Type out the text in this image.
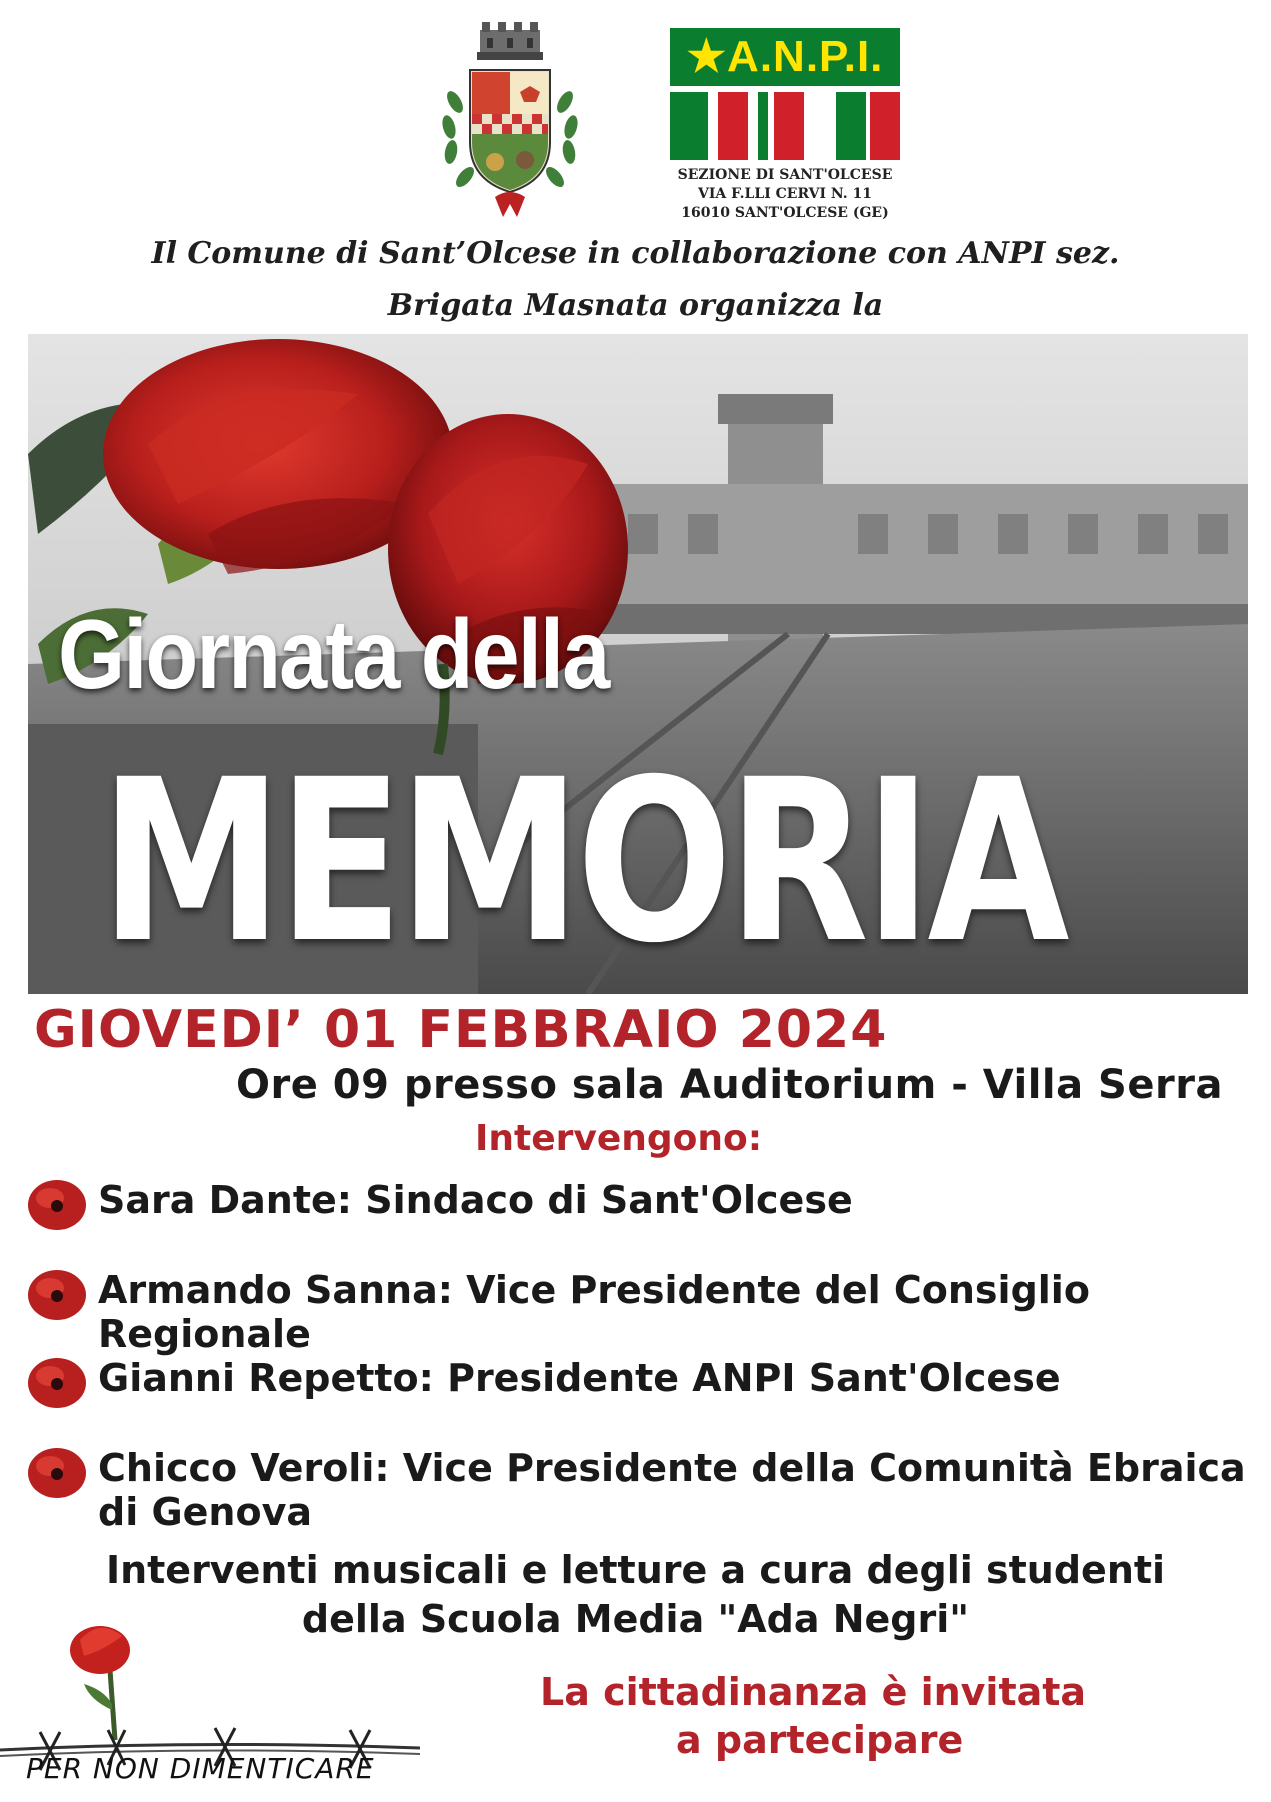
★A.N.P.I.
SEZIONE DI SANT'OLCESE
VIA F.LLI CERVI N. 11
16010 SANT'OLCESE (GE)
Il Comune di Sant’Olcese in collaborazione con ANPI sez.
Brigata Masnata organizza la
Giornata della
MEMORIA
GIOVEDI’ 01 FEBBRAIO 2024
Ore 09 presso sala Auditorium - Villa Serra
Intervengono:
Sara Dante: Sindaco di Sant'Olcese
Armando Sanna: Vice Presidente del Consiglio Regionale
Gianni Repetto: Presidente ANPI Sant'Olcese
Chicco Veroli: Vice Presidente della Comunità Ebraica di Genova
Interventi musicali e letture a cura degli studenti
della Scuola Media "Ada Negri"
PER NON DIMENTICARE
La cittadinanza è invitata
a partecipare
